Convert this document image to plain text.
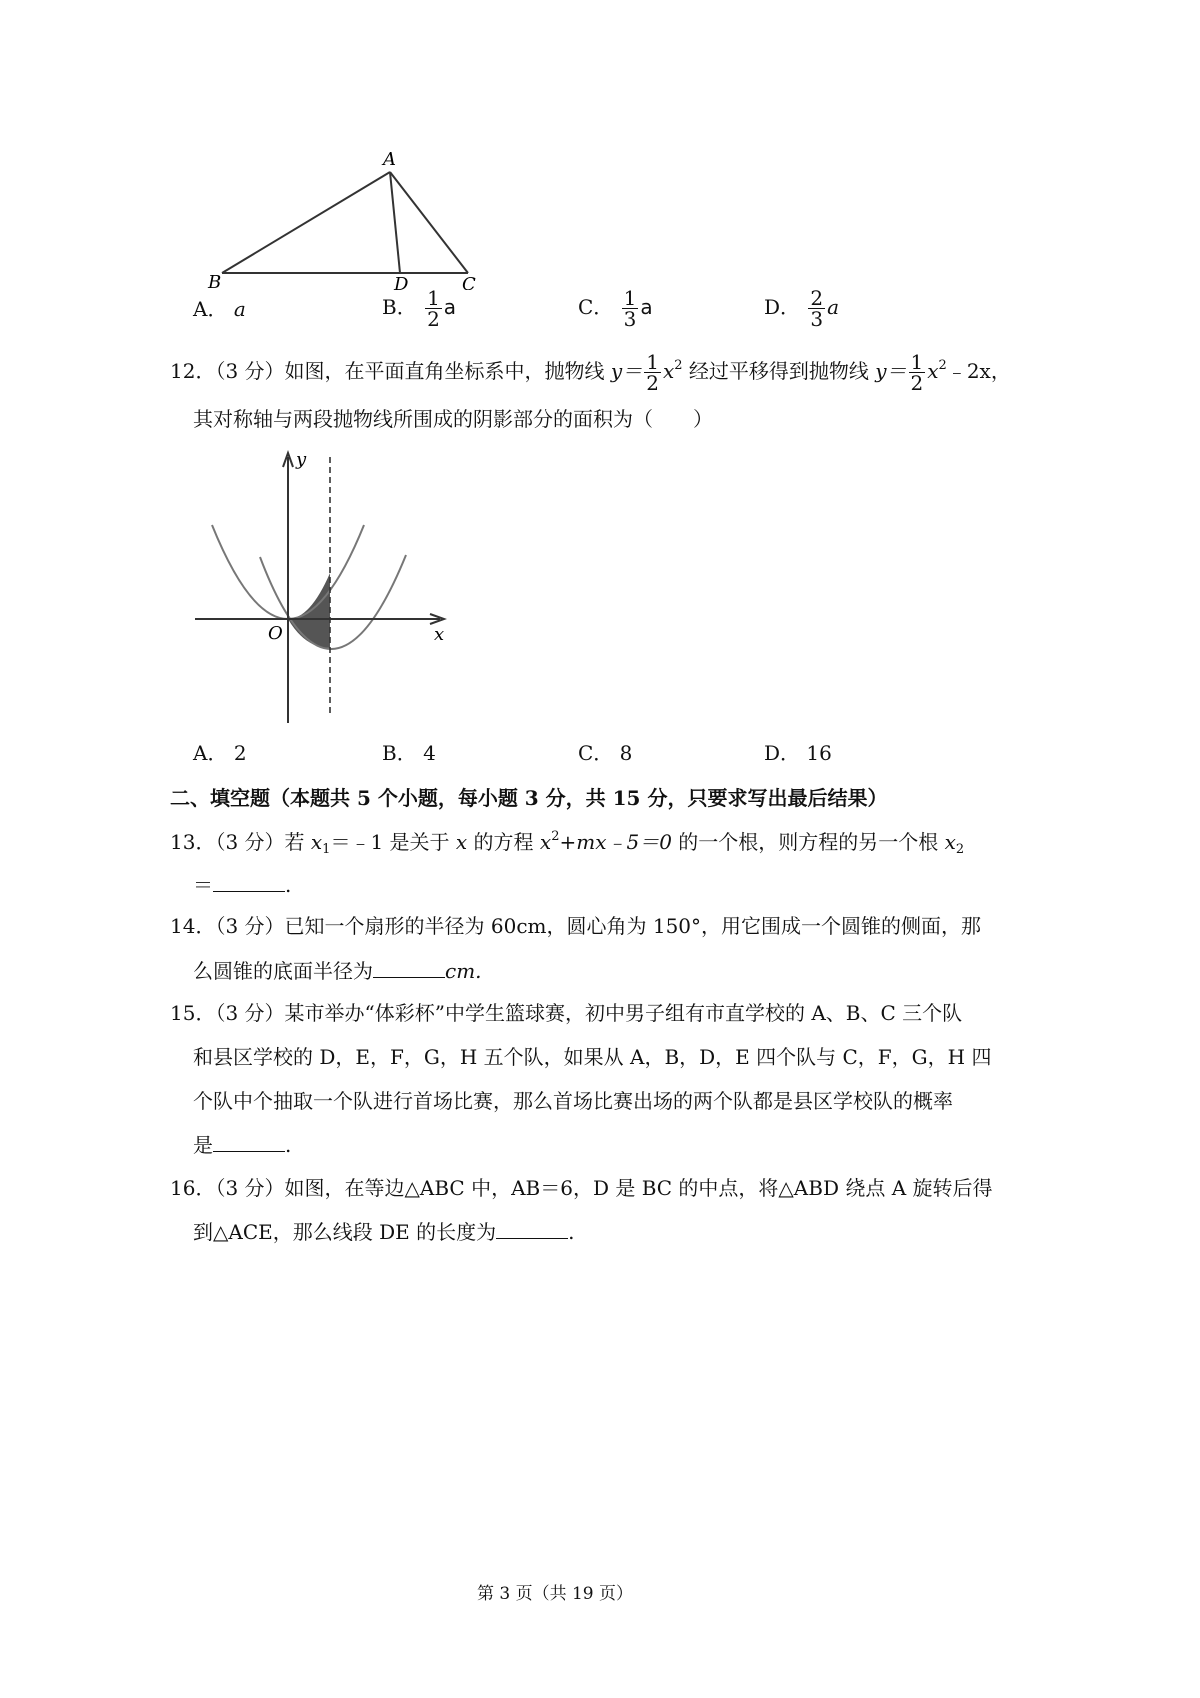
A
B	D	C
A． a	B． $\frac{1}{2}$ a	C． $\frac{1}{3}$ a	D． $\frac{2}{3}$ a
12．（3 分）如图，在平面直角坐标系中，抛物线 $y= \frac{1}{2} x^2$ 经过平移得到抛物线 $y= \frac{1}{2}$ $x^2﹣2x$，
其对称轴与两段抛物线所围成的阴影部分的面积为（　　）
y
x
O
A． 2	B． 4	C． 8	D． 16
二、填空题（本题共 5 个小题，每小题 3 分，共 15 分，只要求写出最后结果）
13．（3 分）若 $x_1=﹣1$ 是关于 x 的方程 $x^2+mx﹣5=0$ 的一个根，则方程的另一个根 $x_2$
＝	.
14．（3 分）已知一个扇形的半径为 60cm，圆心角为 150°，用它围成一个圆锥的侧面，那
么圆锥的底面半径为	cm.
15．（3 分）某市举办“体彩杯”中学生篮球赛，初中男子组有市直学校的 A、B、C 三个队
和县区学校的 D，E，F，G，H 五个队，如果从 A，B，D，E 四个队与 C，F，G，H 四
个队中个抽取一个队进行首场比赛，那么首场比赛出场的两个队都是县区学校队的概率
是	.
16．（3 分）如图，在等边△ABC 中，AB＝6，D 是 BC 的中点，将△ABD 绕点 A 旋转后得
到△ACE，那么线段 DE 的长度为	.
第 3 页（共 19 页）
